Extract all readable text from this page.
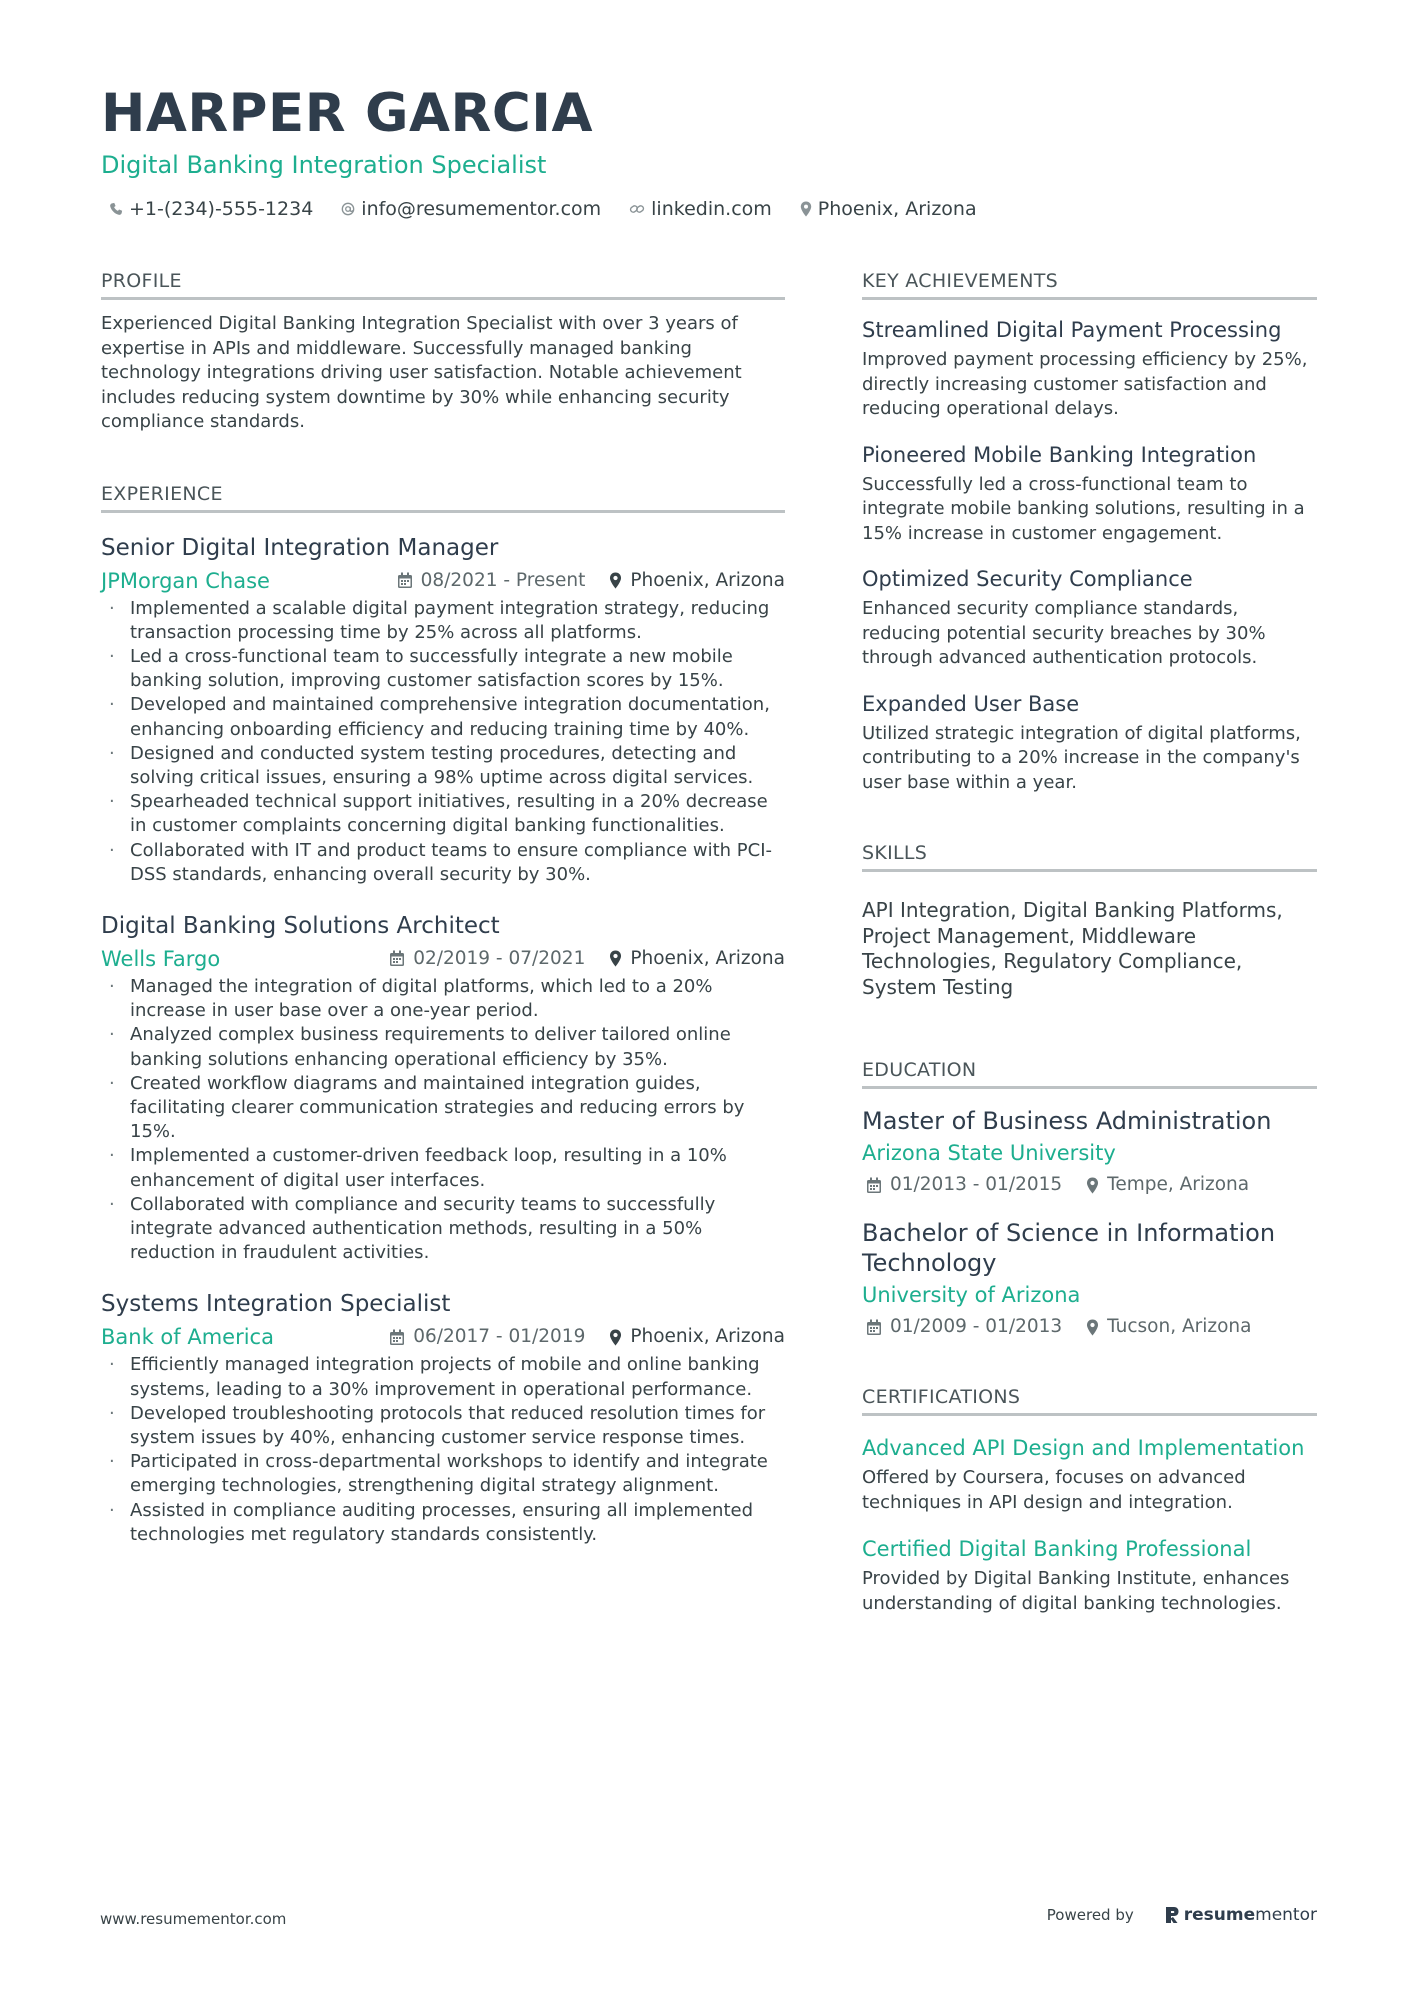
HARPER GARCIA
Digital Banking Integration Specialist
+1-(234)-555-1234	info@resumementor.com	linkedin.com Phoenix, Arizona
PROFILE
Experienced Digital Banking Integration Specialist with over 3 years of expertise in APIs and middleware. Successfully managed banking technology integrations driving user satisfaction. Notable achievement includes reducing system downtime by 30% while enhancing security compliance standards.
EXPERIENCE
Senior Digital Integration Manager
JPMorgan Chase	08/2021 - Present Phoenix, Arizona
· Implemented a scalable digital payment integration strategy, reducing transaction processing time by 25% across all platforms.
· Led a cross-functional team to successfully integrate a new mobile banking solution, improving customer satisfaction scores by 15%.
· Developed and maintained comprehensive integration documentation, enhancing onboarding efficiency and reducing training time by 40%.
· Designed and conducted system testing procedures, detecting and solving critical issues, ensuring a 98% uptime across digital services.
· Spearheaded technical support initiatives, resulting in a 20% decrease in customer complaints concerning digital banking functionalities.
· Collaborated with IT and product teams to ensure compliance with PCI-DSS standards, enhancing overall security by 30%.
Digital Banking Solutions Architect
Wells Fargo	02/2019 - 07/2021 Phoenix, Arizona
· Managed the integration of digital platforms, which led to a 20% increase in user base over a one-year period.
· Analyzed complex business requirements to deliver tailored online banking solutions enhancing operational efficiency by 35%.
· Created workflow diagrams and maintained integration guides, facilitating clearer communication strategies and reducing errors by 15%.
· Implemented a customer-driven feedback loop, resulting in a 10% enhancement of digital user interfaces.
· Collaborated with compliance and security teams to successfully integrate advanced authentication methods, resulting in a 50% reduction in fraudulent activities.
Systems Integration Specialist
Bank of America	06/2017 - 01/2019 Phoenix, Arizona
· Efficiently managed integration projects of mobile and online banking systems, leading to a 30% improvement in operational performance.
· Developed troubleshooting protocols that reduced resolution times for system issues by 40%, enhancing customer service response times.
· Participated in cross-departmental workshops to identify and integrate emerging technologies, strengthening digital strategy alignment.
· Assisted in compliance auditing processes, ensuring all implemented technologies met regulatory standards consistently.
KEY ACHIEVEMENTS
Streamlined Digital Payment Processing
Improved payment processing efficiency by 25%, directly increasing customer satisfaction and reducing operational delays.
Pioneered Mobile Banking Integration
Successfully led a cross-functional team to integrate mobile banking solutions, resulting in a 15% increase in customer engagement.
Optimized Security Compliance
Enhanced security compliance standards, reducing potential security breaches by 30% through advanced authentication protocols.
Expanded User Base
Utilized strategic integration of digital platforms, contributing to a 20% increase in the company's user base within a year.
SKILLS
API Integration, Digital Banking Platforms, Project Management, Middleware Technologies, Regulatory Compliance, System Testing
EDUCATION
Master of Business Administration
Arizona State University
01/2013 - 01/2015 Tempe, Arizona
Bachelor of Science in Information Technology
University of Arizona
01/2009 - 01/2013 Tucson, Arizona
CERTIFICATIONS
Advanced API Design and Implementation
Offered by Coursera, focuses on advanced techniques in API design and integration.
Certified Digital Banking Professional
Provided by Digital Banking Institute, enhances understanding of digital banking technologies.
www.resumementor.com	Powered by	resume mentor
